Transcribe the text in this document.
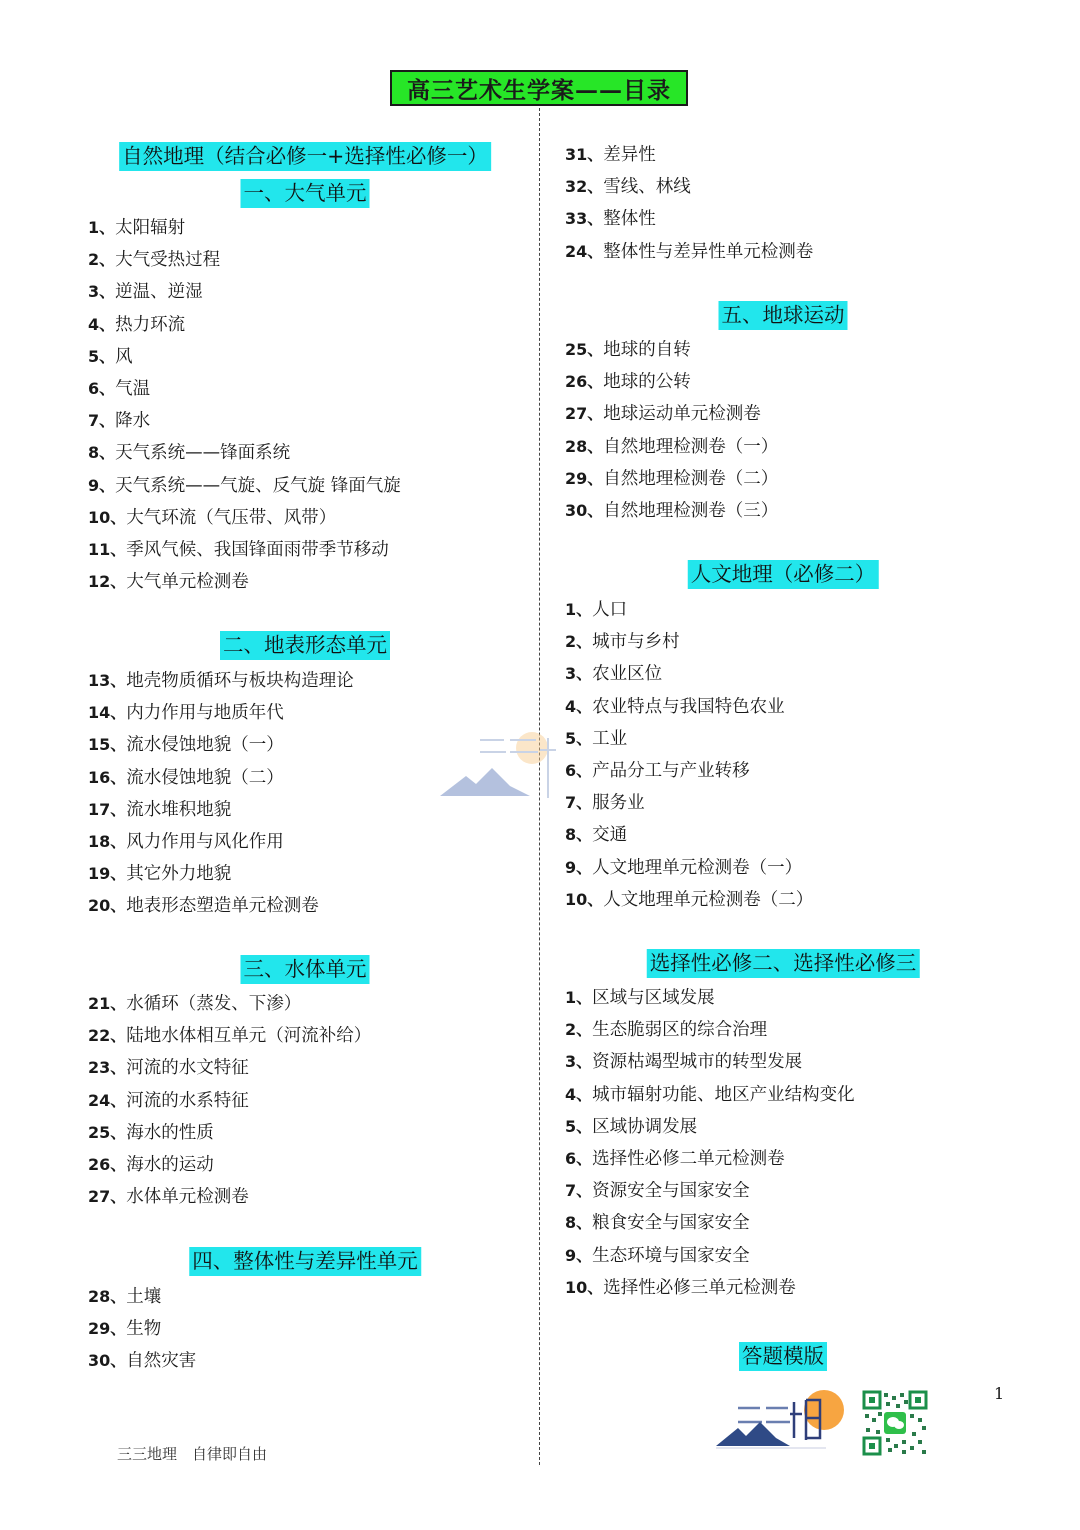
高三艺术生学案——目录
自然地理（结合必修一+选择性必修一）
一、大气单元
1、太阳辐射
2、大气受热过程
3、逆温、逆湿
4、热力环流
5、风
6、气温
7、降水
8、天气系统——锋面系统
9、天气系统——气旋、反气旋 锋面气旋
10、大气环流（气压带、风带）
11、季风气候、我国锋面雨带季节移动
12、大气单元检测卷
二、地表形态单元
13、地壳物质循环与板块构造理论
14、内力作用与地质年代
15、流水侵蚀地貌（一）
16、流水侵蚀地貌（二）
17、流水堆积地貌
18、风力作用与风化作用
19、其它外力地貌
20、地表形态塑造单元检测卷
三、水体单元
21、水循环（蒸发、下渗）
22、陆地水体相互单元（河流补给）
23、河流的水文特征
24、河流的水系特征
25、海水的性质
26、海水的运动
27、水体单元检测卷
四、整体性与差异性单元
28、土壤
29、生物
30、自然灾害
31、差异性
32、雪线、林线
33、整体性
24、整体性与差异性单元检测卷
五、地球运动
25、地球的自转
26、地球的公转
27、地球运动单元检测卷
28、自然地理检测卷（一）
29、自然地理检测卷（二）
30、自然地理检测卷（三）
人文地理（必修二）
1、人口
2、城市与乡村
3、农业区位
4、农业特点与我国特色农业
5、工业
6、产品分工与产业转移
7、服务业
8、交通
9、人文地理单元检测卷（一）
10、人文地理单元检测卷（二）
选择性必修二、选择性必修三
1、区域与区域发展
2、生态脆弱区的综合治理
3、资源枯竭型城市的转型发展
4、城市辐射功能、地区产业结构变化
5、区域协调发展
6、选择性必修二单元检测卷
7、资源安全与国家安全
8、粮食安全与国家安全
9、生态环境与国家安全
10、选择性必修三单元检测卷
答题模版
1
三三地理　自律即自由
